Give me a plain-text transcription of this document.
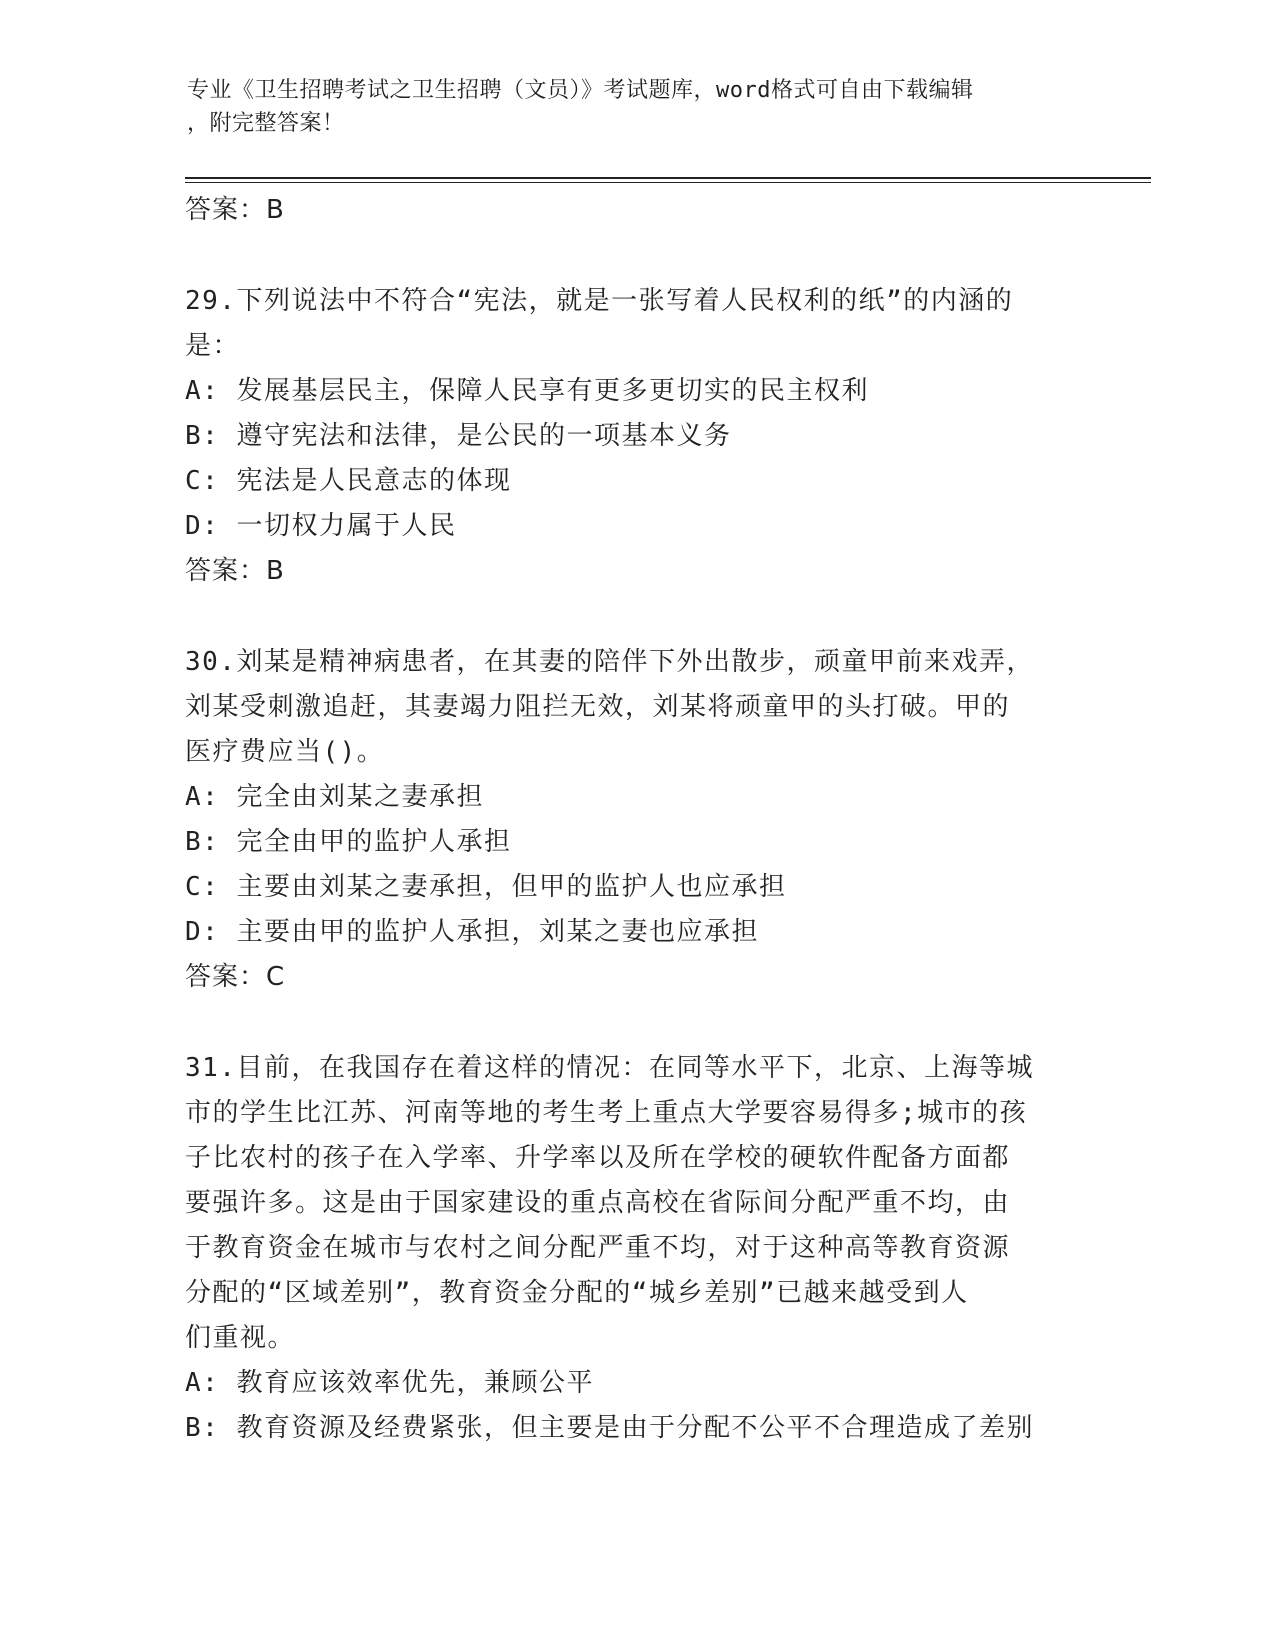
专业《卫生招聘考试之卫生招聘（文员）》考试题库，word格式可自由下载编辑
，附完整答案！
答案：B
29.下列说法中不符合“宪法，就是一张写着人民权利的纸”的内涵的
是：
A: 发展基层民主，保障人民享有更多更切实的民主权利
B: 遵守宪法和法律，是公民的一项基本义务
C: 宪法是人民意志的体现
D: 一切权力属于人民
答案：B
30.刘某是精神病患者，在其妻的陪伴下外出散步，顽童甲前来戏弄，
刘某受刺激追赶，其妻竭力阻拦无效，刘某将顽童甲的头打破。甲的
医疗费应当()。
A: 完全由刘某之妻承担
B: 完全由甲的监护人承担
C: 主要由刘某之妻承担，但甲的监护人也应承担
D: 主要由甲的监护人承担，刘某之妻也应承担
答案：C
31.目前，在我国存在着这样的情况：在同等水平下，北京、上海等城
市的学生比江苏、河南等地的考生考上重点大学要容易得多;城市的孩
子比农村的孩子在入学率、升学率以及所在学校的硬软件配备方面都
要强许多。这是由于国家建设的重点高校在省际间分配严重不均，由
于教育资金在城市与农村之间分配严重不均，对于这种高等教育资源
分配的“区域差别”，教育资金分配的“城乡差别”已越来越受到人
们重视。
A: 教育应该效率优先，兼顾公平
B: 教育资源及经费紧张，但主要是由于分配不公平不合理造成了差别
